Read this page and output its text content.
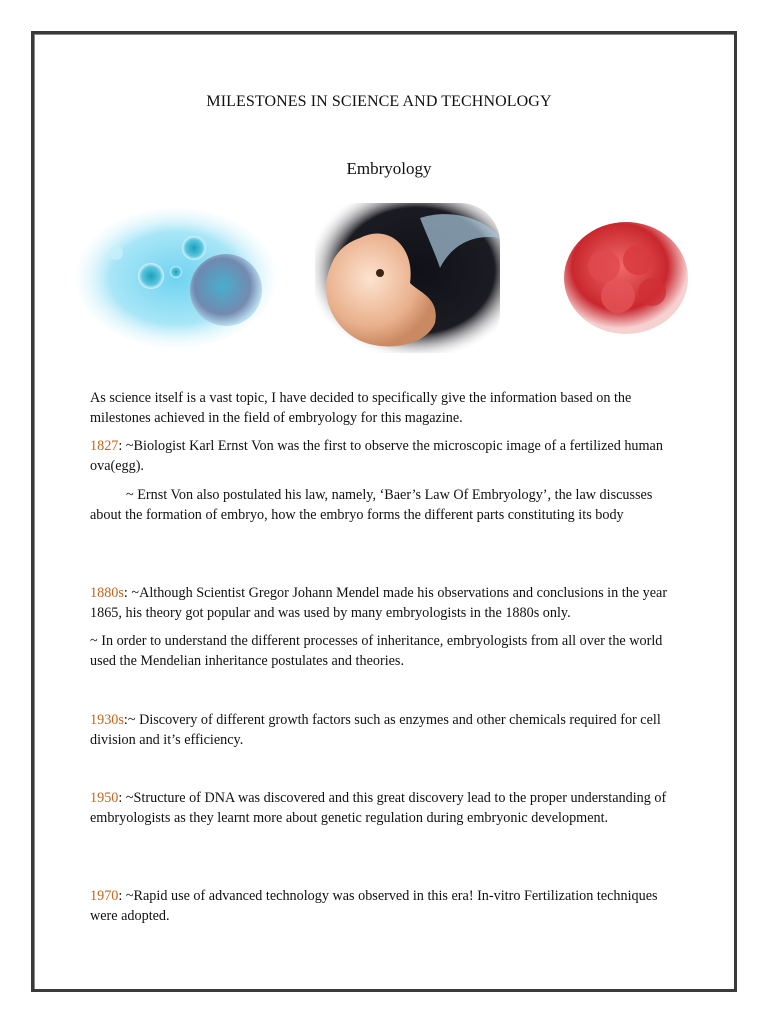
MILESTONES IN SCIENCE AND TECHNOLOGY
Embryology

As science itself is a vast topic, I have decided to specifically give the information based on the milestones achieved in the field of embryology for this magazine.

1827: ~Biologist Karl Ernst Von was the first to observe the microscopic image of a fertilized human ova(egg).

~ Ernst Von also postulated his law, namely, ‘Baer’s Law Of Embryology’, the law discusses about the formation of embryo, how the embryo forms the different parts constituting its body

1880s: ~Although Scientist Gregor Johann Mendel made his observations and conclusions in the year 1865, his theory got popular and was used by many embryologists in the 1880s only.

~ In order to understand the different processes of inheritance, embryologists from all over the world used the Mendelian inheritance postulates and theories.

1930s:~ Discovery of different growth factors such as enzymes and other chemicals required for cell division and it’s efficiency.

1950: ~Structure of DNA was discovered and this great discovery lead to the proper understanding of embryologists as they learnt more about genetic regulation during embryonic development.

1970: ~Rapid use of advanced technology was observed in this era! In-vitro Fertilization techniques were adopted.
